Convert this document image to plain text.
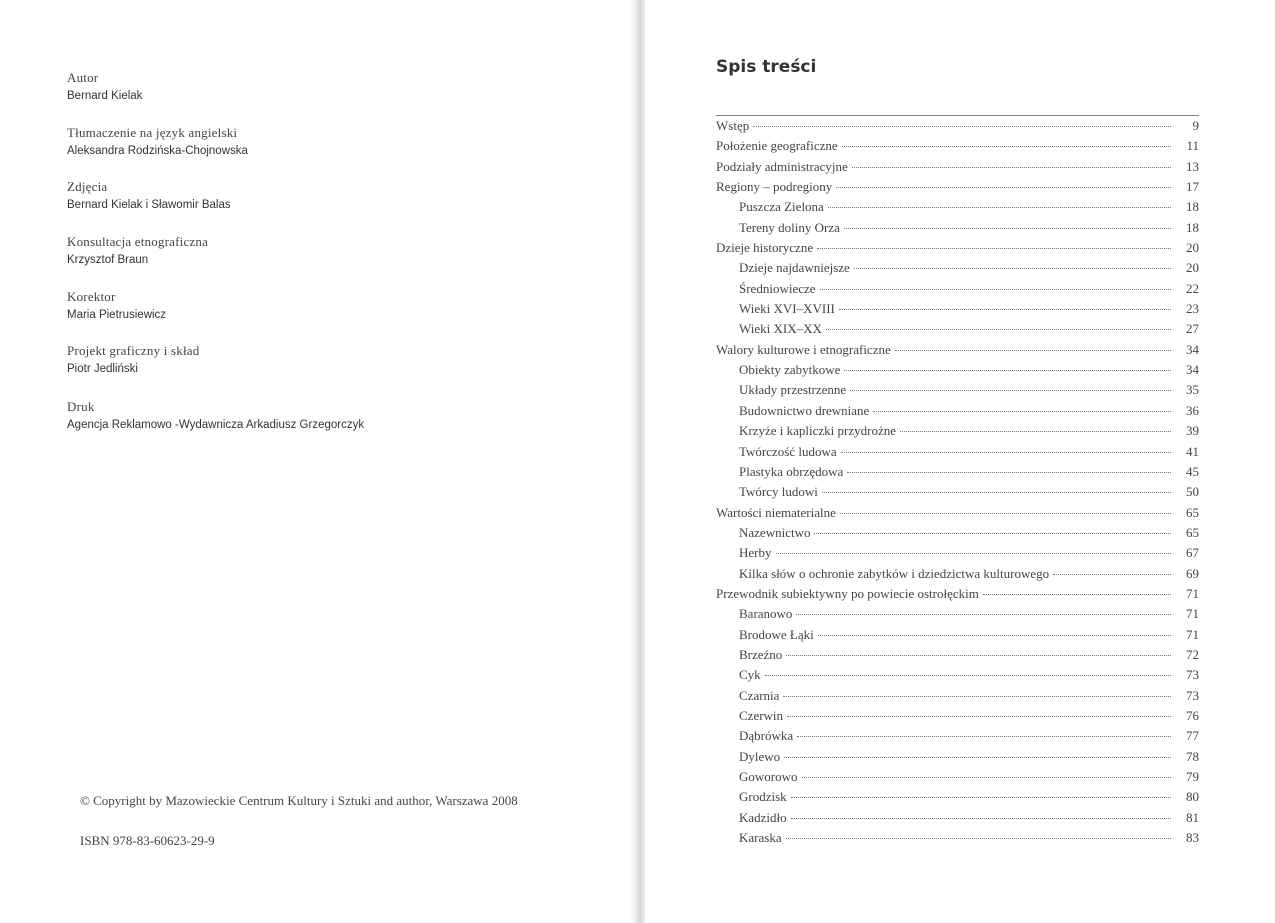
Autor
Bernard Kielak
Tłumaczenie na język angielski
Aleksandra Rodzińska-Chojnowska
Zdjęcia
Bernard Kielak i Sławomir Balas
Konsultacja etnograficzna
Krzysztof Braun
Korektor
Maria Pietrusiewicz
Projekt graficzny i skład
Piotr Jedliński
Druk
Agencja Reklamowo -Wydawnicza Arkadiusz Grzegorczyk
© Copyright by Mazowieckie Centrum Kultury i Sztuki and author, Warszawa 2008
ISBN 978-83-60623-29-9
Spis treści
Wstęp	9
Położenie geograficzne	11
Podziały administracyjne	13
Regiony – podregiony	17
Puszcza Zielona	18
Tereny doliny Orza	18
Dzieje historyczne	20
Dzieje najdawniejsze	20
Średniowiecze	22
Wieki XVI–XVIII	23
Wieki XIX–XX	27
Walory kulturowe i etnograficzne	34
Obiekty zabytkowe	34
Układy przestrzenne	35
Budownictwo drewniane	36
Krzyże i kapliczki przydrożne	39
Twórczość ludowa	41
Plastyka obrzędowa	45
Twórcy ludowi	50
Wartości niematerialne	65
Nazewnictwo	65
Herby	67
Kilka słów o ochronie zabytków i dziedzictwa kulturowego	69
Przewodnik subiektywny po powiecie ostrołęckim	71
Baranowo	71
Brodowe Łąki	71
Brzeźno	72
Cyk	73
Czarnia	73
Czerwin	76
Dąbrówka	77
Dylewo	78
Goworowo	79
Grodzisk	80
Kadzidło	81
Karaska	83
